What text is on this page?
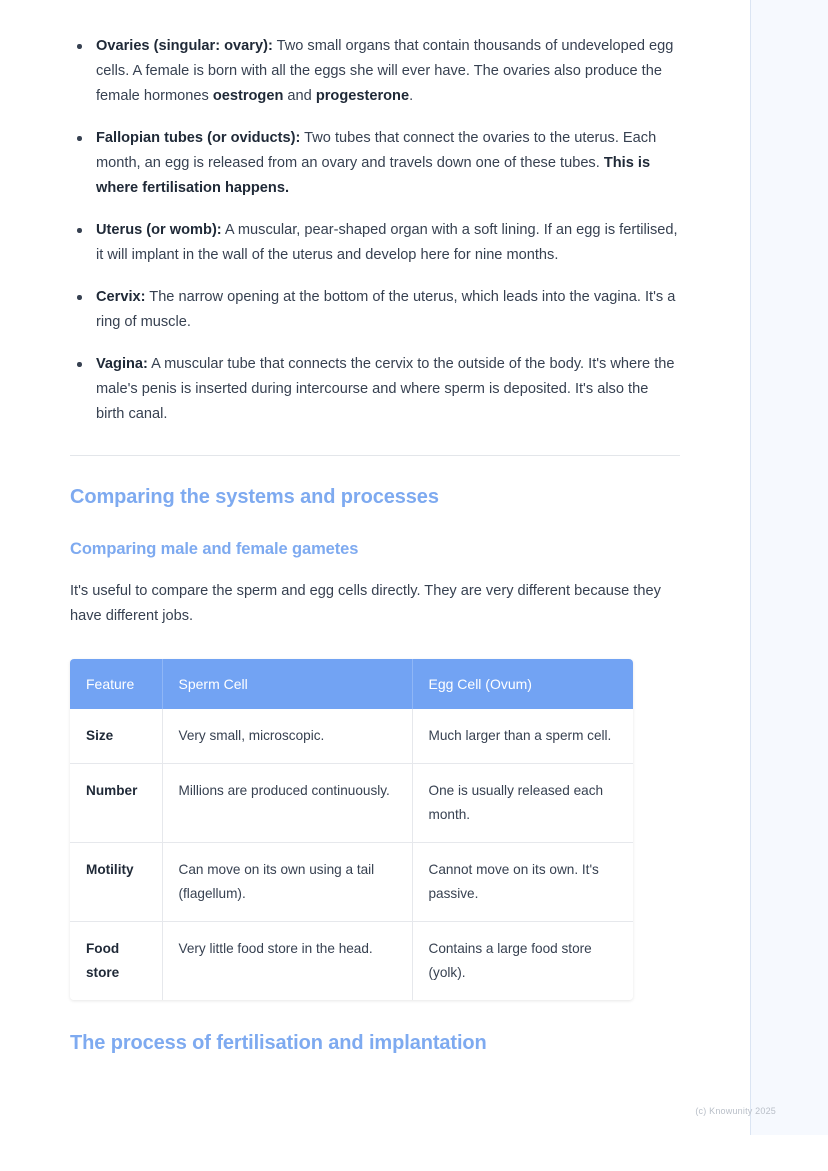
Ovaries (singular: ovary): Two small organs that contain thousands of undeveloped egg cells. A female is born with all the eggs she will ever have. The ovaries also produce the female hormones oestrogen and progesterone.
Fallopian tubes (or oviducts): Two tubes that connect the ovaries to the uterus. Each month, an egg is released from an ovary and travels down one of these tubes. This is where fertilisation happens.
Uterus (or womb): A muscular, pear-shaped organ with a soft lining. If an egg is fertilised, it will implant in the wall of the uterus and develop here for nine months.
Cervix: The narrow opening at the bottom of the uterus, which leads into the vagina. It's a ring of muscle.
Vagina: A muscular tube that connects the cervix to the outside of the body. It's where the male's penis is inserted during intercourse and where sperm is deposited. It's also the birth canal.
Comparing the systems and processes
Comparing male and female gametes

It's useful to compare the sperm and egg cells directly. They are very different because they have different jobs.

Feature	Sperm Cell	Egg Cell (Ovum)
Size	Very small, microscopic.	Much larger than a sperm cell.
Number	Millions are produced continuously.	One is usually released each month.
Motility	Can move on its own using a tail (flagellum).	Cannot move on its own. It's passive.
Food store	Very little food store in the head.	Contains a large food store (yolk).
The process of fertilisation and implantation
(c) Knowunity 2025
